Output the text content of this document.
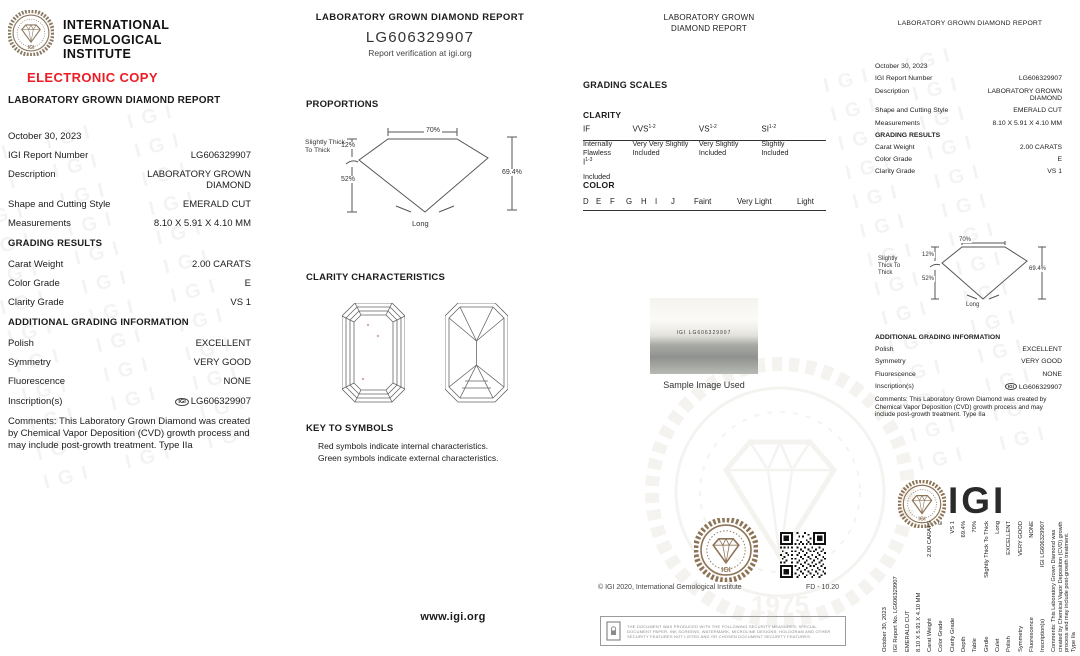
1975
INTERNATIONAL
GEMOLOGICAL
INSTITUTE
ELECTRONIC COPY
LABORATORY GROWN DIAMOND REPORT
October 30, 2023
IGI Report Number	LG606329907
Description	LABORATORY GROWN DIAMOND
Shape and Cutting Style	EMERALD CUT
Measurements	8.10 X 5.91 X 4.10 MM
GRADING RESULTS
Carat Weight	2.00 CARATS
Color Grade	E
Clarity Grade	VS 1
ADDITIONAL GRADING INFORMATION
Polish	EXCELLENT
Symmetry	VERY GOOD
Fluorescence	NONE
Inscription(s)	IGI LG606329907
Comments: This Laboratory Grown Diamond was created by Chemical Vapor Deposition (CVD) growth process and may include post-growth treatment. Type IIa
LABORATORY GROWN DIAMOND REPORT
LG606329907
Report verification at igi.org
PROPORTIONS
70%
12%
52%
69.4%
Slightly Thick To Thick
Long
CLARITY CHARACTERISTICS
KEY TO SYMBOLS
Red symbols indicate internal characteristics.
Green symbols indicate external characteristics.
LABORATORY GROWN
DIAMOND REPORT
GRADING SCALES
CLARITY
IF
Internally Flawless

VVS$^{1-2}$
Very Very Slightly Included

VS$^{1-2}$
Very Slightly Included

SI$^{1-2}$
Slightly Included

$I^{1-3}$
Included
COLOR
D E F G H I J Faint	Very Light	Light
IGI LG606329907
Sample Image Used
© IGI 2020, International Gemological Institute	FD - 10.20
www.igi.org
THE DOCUMENT WAS PRODUCED WITH THE FOLLOWING SECURITY MEASURES: SPECIAL DOCUMENT PAPER, INK SCREENS, WATERMARK, MICROLINE DESIGNS, HOLOGRAM AND OTHER SECURITY FEATURES NOT LISTED AND OR CHOSEN DOCUMENT SECURITY FEATURES.
LABORATORY GROWN DIAMOND REPORT
October 30, 2023
IGI Report Number	LG606329907
Description	LABORATORY GROWN DIAMOND
Shape and Cutting Style	EMERALD CUT
Measurements	8.10 X 5.91 X 4.10 MM
GRADING RESULTS
Carat Weight	2.00 CARATS
Color Grade	E
Clarity Grade	VS 1
70%
12%
52%
69.4%
Slightly Thick To Thick
Long
ADDITIONAL GRADING INFORMATION
Polish	EXCELLENT
Symmetry	VERY GOOD
Fluorescence	NONE
Inscription(s)	IGI LG606329907
Comments: This Laboratory Grown Diamond was created by Chemical Vapor Deposition (CVD) growth process and may include post-growth treatment. Type IIa
IGI
October 30, 2023 IGI Report No. LG606329907 EMERALD CUT 8.10 X 5.91 X 4.10 MM Carat Weight
2.00 CARATS
Color Grade
E
Clarity Grade
VS 1
Depth
69.4%
Table
70%
Girdle
Slightly Thick To Thick
Culet
Long
Polish
EXCELLENT
Symmetry
VERY GOOD
Fluorescence
NONE
Inscription(s)
IGI LG606329907 Comments: This Laboratory Grown Diamond was created by Chemical Vapor Deposition (CVD) growth process and may include post-growth treatment. Type IIa
